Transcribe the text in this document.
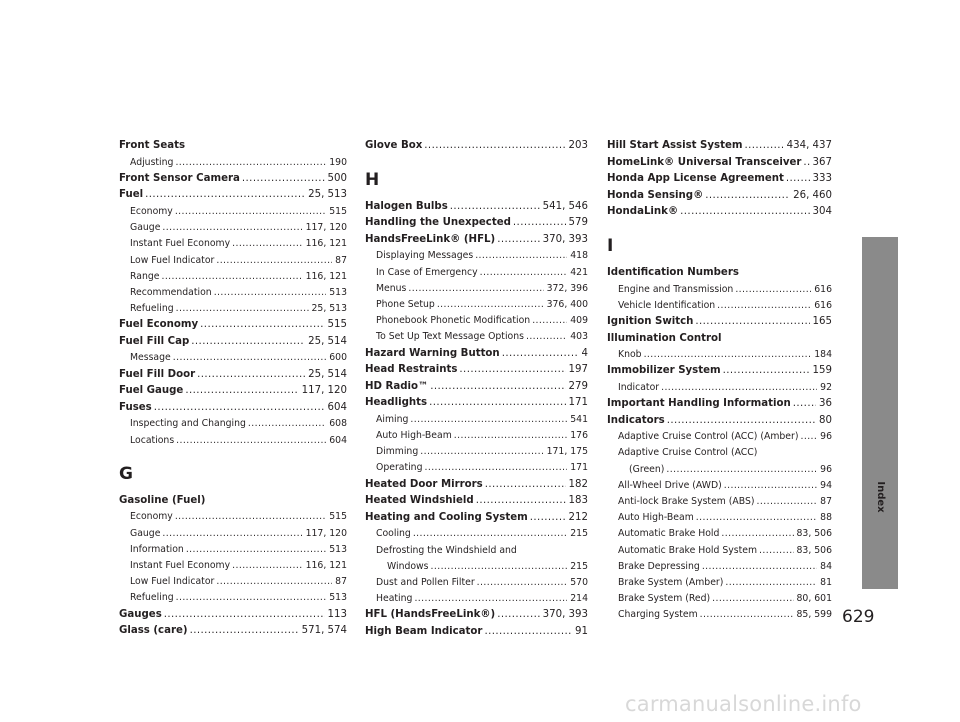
Front Seats
Adjusting .....	190
Front Sensor Camera .....	500
Fuel .....	25, 513
Economy .....	515
Gauge .....	117, 120
Instant Fuel Economy .....	116, 121
Low Fuel Indicator .....	87
Range .....	116, 121
Recommendation .....	513
Refueling .....	25, 513
Fuel Economy .....	515
Fuel Fill Cap .....	25, 514
Message .....	600
Fuel Fill Door .....	25, 514
Fuel Gauge .....	117, 120
Fuses .....	604
Inspecting and Changing .....	608
Locations .....	604
G
Gasoline (Fuel)
Economy .....	515
Gauge .....	117, 120
Information .....	513
Instant Fuel Economy .....	116, 121
Low Fuel Indicator .....	87
Refueling .....	513
Gauges .....	113
Glass (care) .....	571, 574
Glove Box .....	203
H
Halogen Bulbs .....	541, 546
Handling the Unexpected .....	579
HandsFreeLink® (HFL) .....	370, 393
Displaying Messages .....	418
In Case of Emergency .....	421
Menus .....	372, 396
Phone Setup .....	376, 400
Phonebook Phonetic Modification .....	409
To Set Up Text Message Options .....	403
Hazard Warning Button .....	4
Head Restraints .....	197
HD Radio™ .....	279
Headlights .....	171
Aiming .....	541
Auto High-Beam .....	176
Dimming .....	171, 175
Operating .....	171
Heated Door Mirrors .....	182
Heated Windshield .....	183
Heating and Cooling System .....	212
Cooling .....	215
Defrosting the Windshield and
Windows .....	215
Dust and Pollen Filter .....	570
Heating .....	214
HFL (HandsFreeLink®) .....	370, 393
High Beam Indicator .....	91
Hill Start Assist System .....	434, 437
HomeLink® Universal Transceiver ..... 367
Honda App License Agreement .....	333
Honda Sensing® .....	26, 460
HondaLink® .....	304
I
Identification Numbers
Engine and Transmission .....	616
Vehicle Identification .....	616
Ignition Switch .....	165
Illumination Control
Knob .....	184
Immobilizer System .....	159
Indicator .....	92
Important Handling Information .....	36
Indicators .....	80
Adaptive Cruise Control (ACC) (Amber) ..... 96
Adaptive Cruise Control (ACC)
(Green) .....	96
All-Wheel Drive (AWD) .....	94
Anti-lock Brake System (ABS) .....	87
Auto High-Beam .....	88
Automatic Brake Hold .....	83, 506
Automatic Brake Hold System .....	83, 506
Brake Depressing .....	84
Brake System (Amber) .....	81
Brake System (Red) .....	80, 601
Charging System .....	85, 599
Index
629
carmanualsonline.info
